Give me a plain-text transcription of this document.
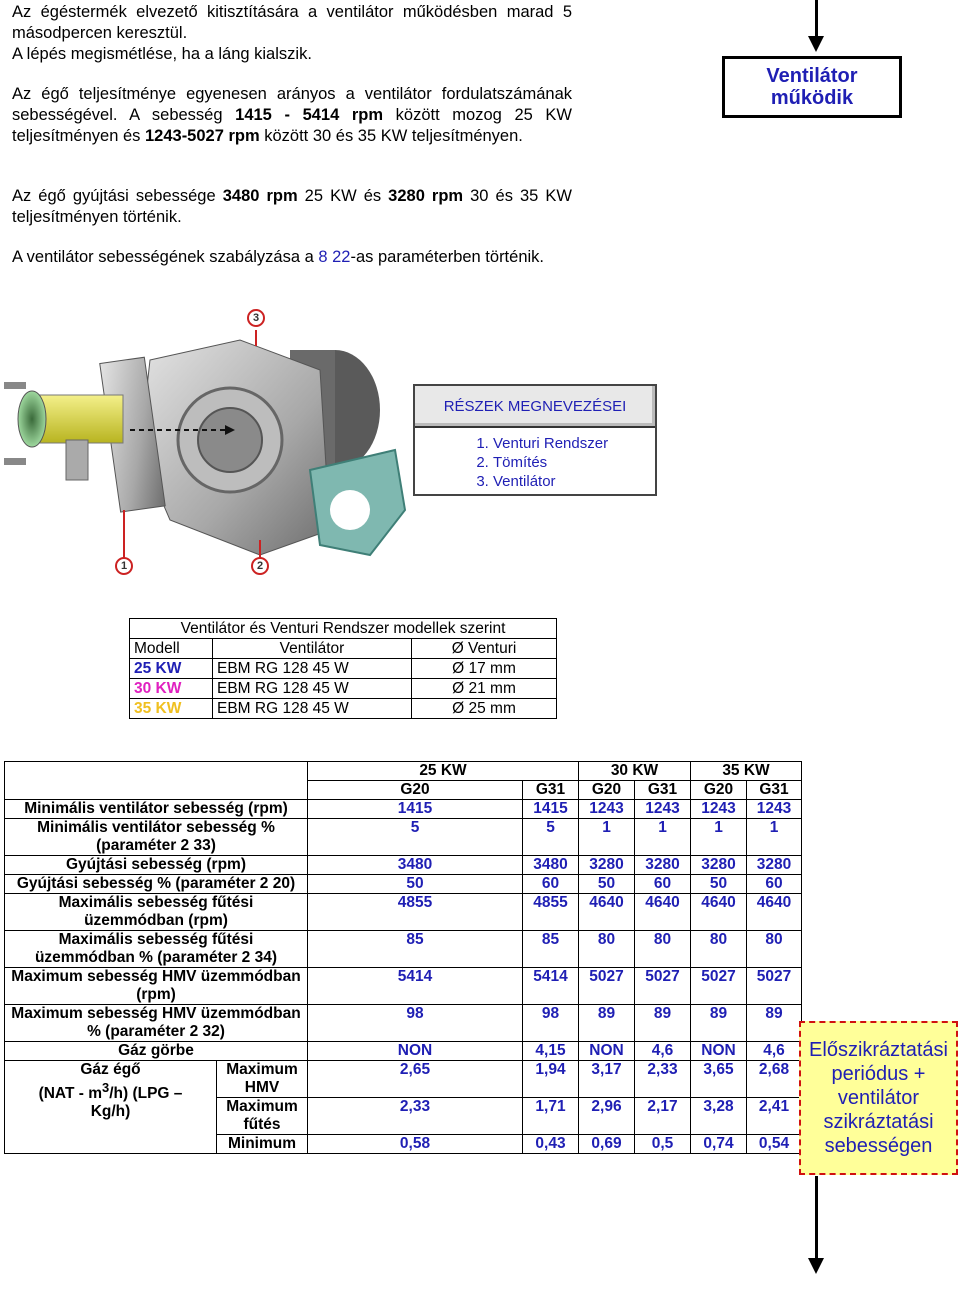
Az égéstermék elvezető kitisztítására a ventilátor működésben marad 5 másodpercen keresztül.
A lépés megismétlése, ha a láng kialszik.
Az égő teljesítménye egyenesen arányos a ventilátor fordulatszámának sebességével. A sebesség 1415 - 5414 rpm között mozog 25 KW teljesítményen és 1243-5027 rpm között 30 és 35 KW teljesítményen.
Az égő gyújtási sebessége 3480 rpm 25 KW és 3280 rpm 30 és 35 KW teljesítményen történik.
A ventilátor sebességének szabályzása a 8 22-as paraméterben történik.
Ventilátor működik
3
1	2
RÉSZEK MEGNEVEZÉSEI
1. Venturi Rendszer
2. Tömítés
3. Ventilátor
Ventilátor és Venturi Rendszer modellek szerint		
Modell	Ventilátor	Ø Venturi
25 KW	EBM RG 128 45 W	Ø 17 mm
30 KW	EBM RG 128 45 W	Ø 21 mm
35 KW	EBM RG 128 45 W	Ø 25 mm
		25 KW		30 KW		35 KW		
		G20	G31	G20	G31	G20	G31	
Minimális ventilátor sebesség (rpm)		1415	1415	1243	1243	1243	1243	
Minimális ventilátor sebesség % (paraméter 2 33)		5	5	1	1	1	1	
Gyújtási sebesség (rpm)		3480	3480	3280	3280	3280	3280	
Gyújtási sebesség % (paraméter 2 20)		50	60	50	60	50	60	
Maximális sebesség fűtési üzemmódban (rpm)		4855	4855	4640	4640	4640	4640	
Maximális sebesség fűtési üzemmódban % (paraméter 2 34)		85	85	80	80	80	80	
Maximum sebesség HMV üzemmódban (rpm)		5414	5414	5027	5027	5027	5027	
Maximum sebesség HMV üzemmódban % (paraméter 2 32)		98	98	89	89	89	89	
Gáz görbe		NON	4,15	NON	4,6	NON	4,6	
Gáz égő
$(NAT - m^3/h)$ (LPG –
Kg/h)	Maximum HMV	2,65	1,94	3,17	2,33	3,65	2,68	
	Maximum fűtés	2,33	1,71	2,96	2,17	3,28	2,41	
	Minimum	0,58	0,43	0,69	0,5	0,74	0,54	
Előszikráztatási periódus + ventilátor szikráztatási sebességen
